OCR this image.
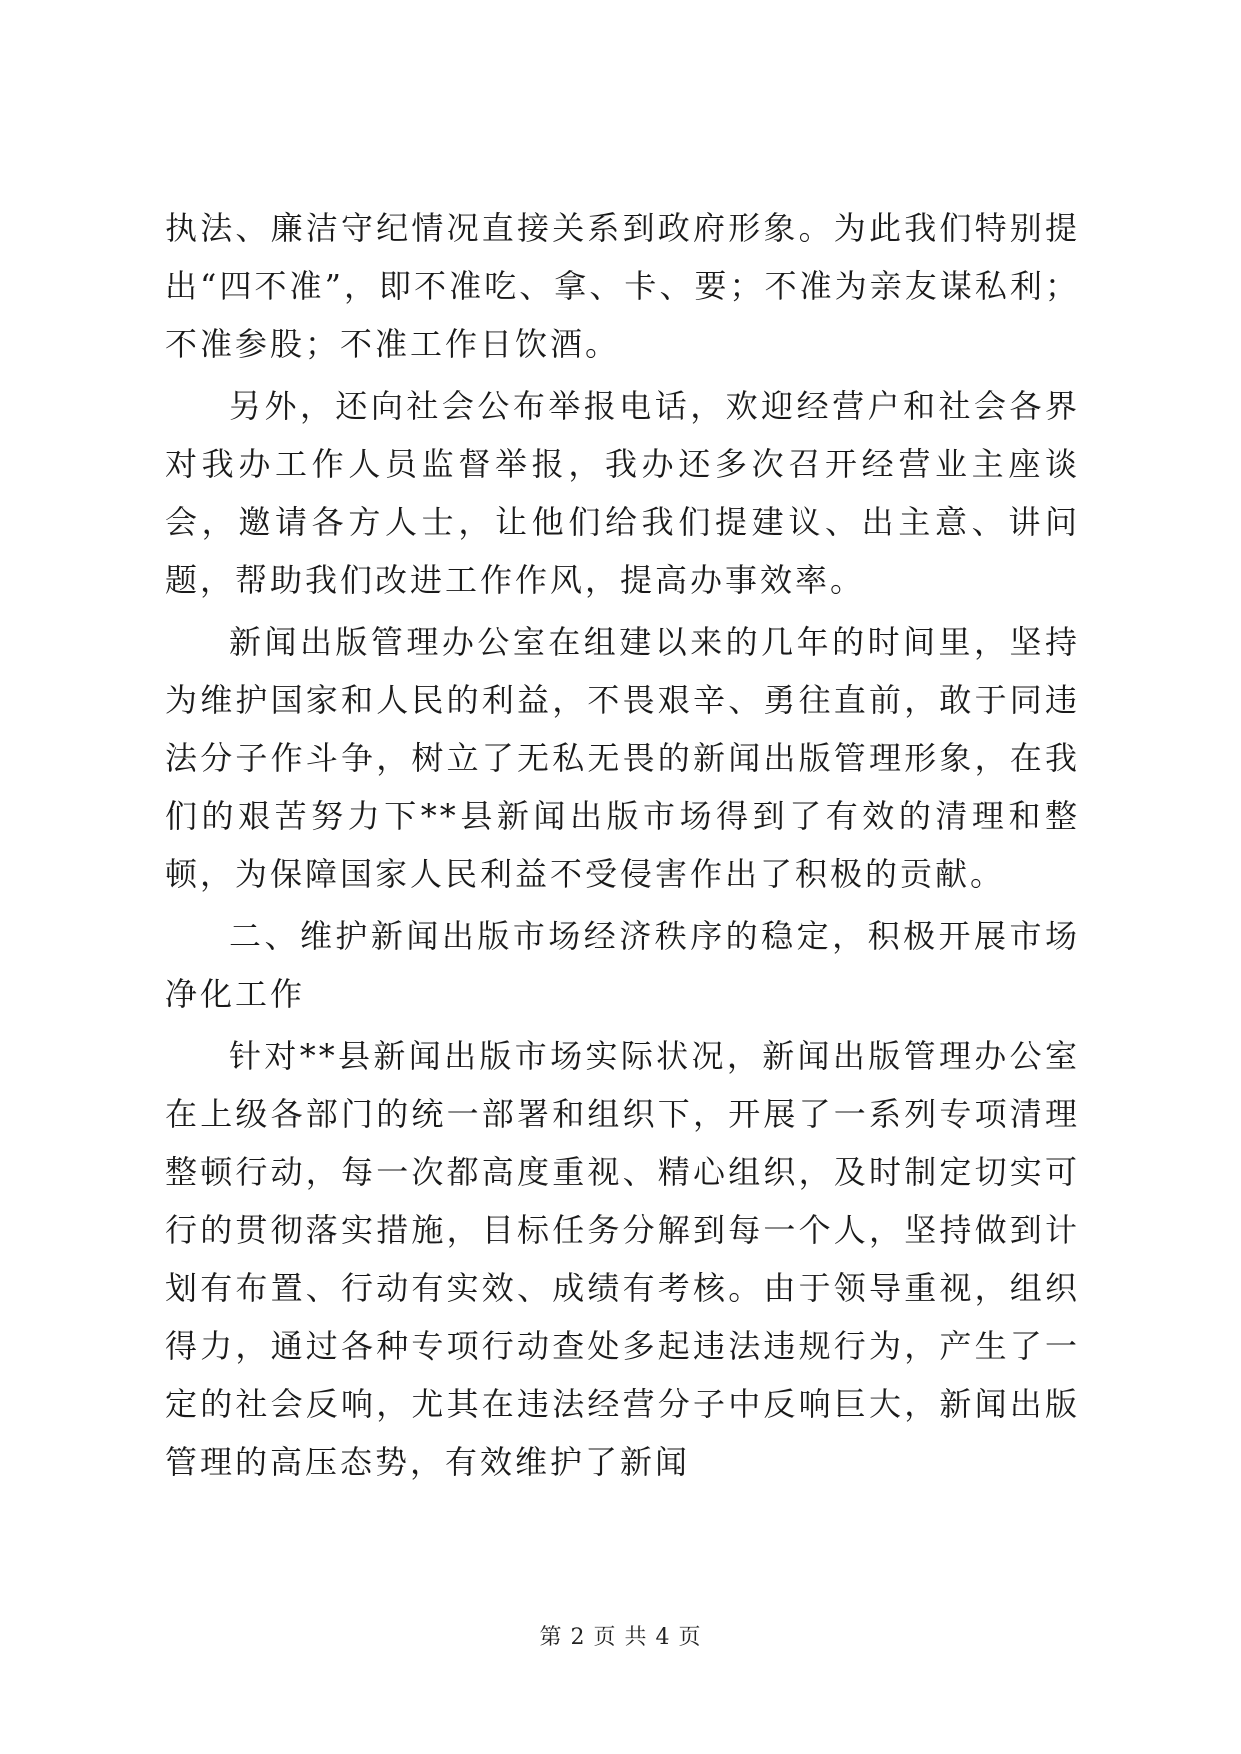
执法、廉洁守纪情况直接关系到政府形象。为此我们特别提出“四不准”，即不准吃、拿、卡、要；不准为亲友谋私利；不准参股；不准工作日饮酒。

另外，还向社会公布举报电话，欢迎经营户和社会各界对我办工作人员监督举报，我办还多次召开经营业主座谈会，邀请各方人士，让他们给我们提建议、出主意、讲问题，帮助我们改进工作作风，提高办事效率。

新闻出版管理办公室在组建以来的几年的时间里，坚持为维护国家和人民的利益，不畏艰辛、勇往直前，敢于同违法分子作斗争，树立了无私无畏的新闻出版管理形象，在我们的艰苦努力下**县新闻出版市场得到了有效的清理和整顿，为保障国家人民利益不受侵害作出了积极的贡献。

二、维护新闻出版市场经济秩序的稳定，积极开展市场净化工作

针对**县新闻出版市场实际状况，新闻出版管理办公室在上级各部门的统一部署和组织下，开展了一系列专项清理整顿行动，每一次都高度重视、精心组织，及时制定切实可行的贯彻落实措施，目标任务分解到每一个人，坚持做到计划有布置、行动有实效、成绩有考核。由于领导重视，组织得力，通过各种专项行动查处多起违法违规行为，产生了一定的社会反响，尤其在违法经营分子中反响巨大，新闻出版管理的高压态势，有效维护了新闻

第 2 页 共 4 页
